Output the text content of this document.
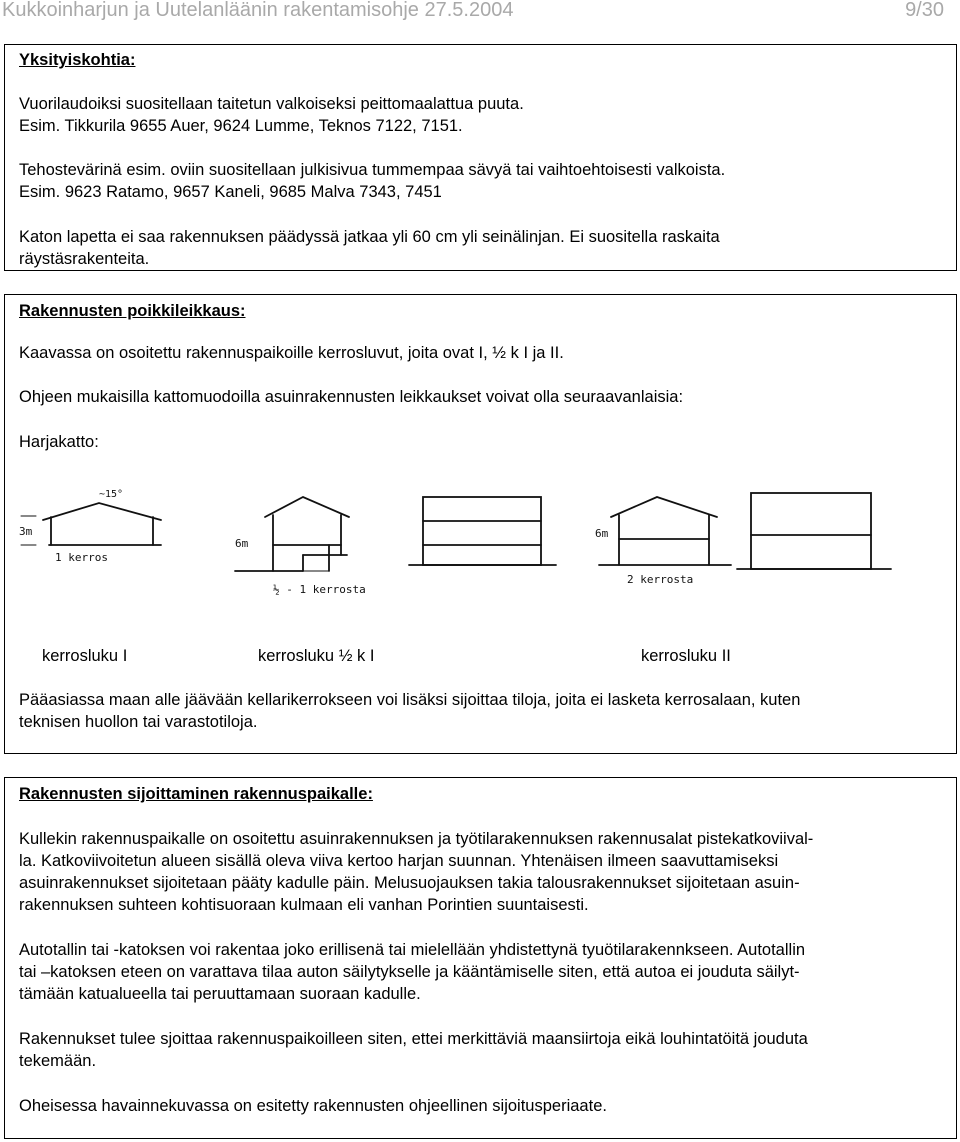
Kukkoinharjun ja Uutelanläänin rakentamisohje 27.5.2004	9/30

Yksityiskohtia:

Vuorilaudoiksi suositellaan taitetun valkoiseksi peittomaalattua puuta.

Esim. Tikkurila 9655 Auer, 9624 Lumme, Teknos 7122, 7151.

Tehostevärinä esim. oviin suositellaan julkisivua tummempaa sävyä tai vaihtoehtoisesti valkoista.

Esim. 9623 Ratamo, 9657 Kaneli, 9685 Malva 7343, 7451

Katon lapetta ei saa rakennuksen päädyssä jatkaa yli 60 cm yli seinälinjan. Ei suositella raskaita

räystäsrakenteita.

Rakennusten poikkileikkaus:

Kaavassa on osoitettu rakennuspaikoille kerrosluvut, joita ovat I, ½ k I ja II.

Ohjeen mukaisilla kattomuodoilla asuinrakennusten leikkaukset voivat olla seuraavanlaisia:

Harjakatto:

~15°
3m
1 kerros
6m
½ - 1 kerrosta
6m
2 kerrosta
kerrosluku I	kerrosluku ½ k I	kerrosluku II

Pääasiassa maan alle jäävään kellarikerrokseen voi lisäksi sijoittaa tiloja, joita ei lasketa kerrosalaan, kuten

teknisen huollon tai varastotiloja.

Rakennusten sijoittaminen rakennuspaikalle:

Kullekin rakennuspaikalle on osoitettu asuinrakennuksen ja työtilarakennuksen rakennusalat pistekatkoviival-

la. Katkoviivoitetun alueen sisällä oleva viiva kertoo harjan suunnan. Yhtenäisen ilmeen saavuttamiseksi

asuinrakennukset sijoitetaan pääty kadulle päin. Melusuojauksen takia talousrakennukset sijoitetaan asuin-

rakennuksen suhteen kohtisuoraan kulmaan eli vanhan Porintien suuntaisesti.

Autotallin tai -katoksen voi rakentaa joko erillisenä tai mielellään yhdistettynä tyuötilarakennkseen. Autotallin

tai –katoksen eteen on varattava tilaa auton säilytykselle ja kääntämiselle siten, että autoa ei jouduta säilyt-

tämään katualueella tai peruuttamaan suoraan kadulle.

Rakennukset tulee sjoittaa rakennuspaikoilleen siten, ettei merkittäviä maansiirtoja eikä louhintatöitä jouduta

tekemään.

Oheisessa havainnekuvassa on esitetty rakennusten ohjeellinen sijoitusperiaate.
